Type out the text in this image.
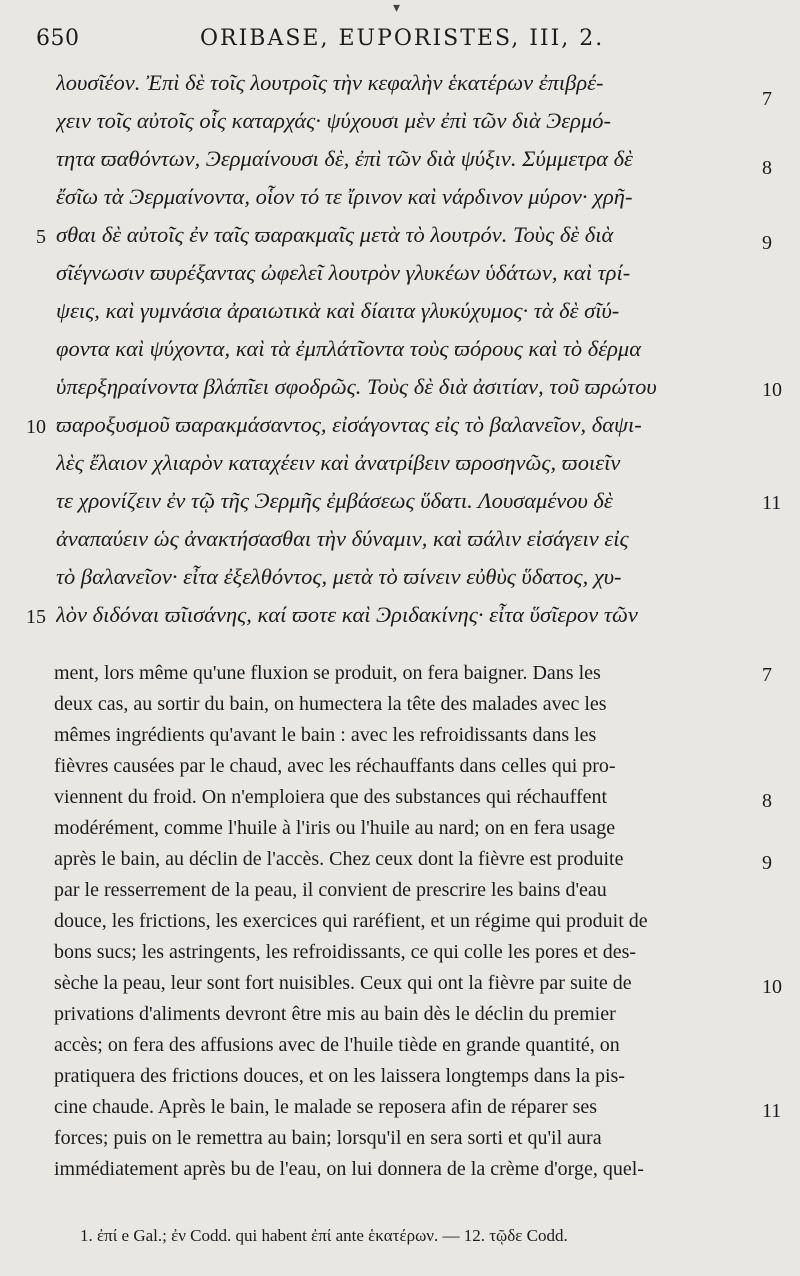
▾
650	ORIBASE, EUPORISTES, III, 2.
λουσῖέον. Ἐπὶ δὲ τοῖς λουτροῖς τὴν κεφαλὴν ἑκατέρων ἐπιβρέ-
χειν τοῖς αὐτοῖς οἷς καταρχάς· ψύχουσι μὲν ἐπὶ τῶν διὰ Ͽερμό-
τητα ϖαθόντων, Ͽερμαίνουσι δὲ, ἐπὶ τῶν διὰ ψύξιν. Σύμμετρα δὲ
ἔσῖω τὰ Ͽερμαίνοντα, οἷον τό τε ἴρινον καὶ νάρδινον μύρον· χρῆ-
σθαι δὲ αὐτοῖς ἐν ταῖς ϖαρακμαῖς μετὰ τὸ λουτρόν. Τοὺς δὲ διὰ
σῖέγνωσιν ϖυρέξαντας ὠφελεῖ λουτρὸν γλυκέων ὑδάτων, καὶ τρί-
ψεις, καὶ γυμνάσια ἀραιωτικὰ καὶ δίαιτα γλυκύχυμος· τὰ δὲ σῖύ-
φοντα καὶ ψύχοντα, καὶ τὰ ἐμπλάτῖοντα τοὺς ϖόρους καὶ τὸ δέρμα
ὑπερξηραίνοντα βλάπῖει σφοδρῶς. Τοὺς δὲ διὰ ἀσιτίαν, τοῦ ϖρώτου
ϖαροξυσμοῦ ϖαρακμάσαντος, εἰσάγοντας εἰς τὸ βαλανεῖον, δαψι-
λὲς ἔλαιον χλιαρὸν καταχέειν καὶ ἀνατρίβειν ϖροσηνῶς, ϖοιεῖν
τε χρονίζειν ἐν τῷ τῆς Ͽερμῆς ἐμβάσεως ὕδατι. Λουσαμένου δὲ
ἀναπαύειν ὡς ἀνακτήσασθαι τὴν δύναμιν, καὶ ϖάλιν εἰσάγειν εἰς
τὸ βαλανεῖον· εἶτα ἐξελθόντος, μετὰ τὸ ϖίνειν εὐθὺς ὕδατος, χυ-
λὸν διδόναι ϖῖισάνης, καί ϖοτε καὶ Ͽριδακίνης· εἶτα ὕσῖερον τῶν
5
10
15
7
8
9
10
11
ment, lors même qu'une fluxion se produit, on fera baigner. Dans les
deux cas, au sortir du bain, on humectera la tête des malades avec les
mêmes ingrédients qu'avant le bain : avec les refroidissants dans les
fièvres causées par le chaud, avec les réchauffants dans celles qui pro-
viennent du froid. On n'emploiera que des substances qui réchauffent
modérément, comme l'huile à l'iris ou l'huile au nard; on en fera usage
après le bain, au déclin de l'accès. Chez ceux dont la fièvre est produite
par le resserrement de la peau, il convient de prescrire les bains d'eau
douce, les frictions, les exercices qui raréfient, et un régime qui produit de
bons sucs; les astringents, les refroidissants, ce qui colle les pores et des-
sèche la peau, leur sont fort nuisibles. Ceux qui ont la fièvre par suite de
privations d'aliments devront être mis au bain dès le déclin du premier
accès; on fera des affusions avec de l'huile tiède en grande quantité, on
pratiquera des frictions douces, et on les laissera longtemps dans la pis-
cine chaude. Après le bain, le malade se reposera afin de réparer ses
forces; puis on le remettra au bain; lorsqu'il en sera sorti et qu'il aura
immédiatement après bu de l'eau, on lui donnera de la crème d'orge, quel-
7
8
9
10
11
1. ἐπί e Gal.; ἐν Codd. qui habent ἐπί ante ἑκατέρων. — 12. τῷδε Codd.
